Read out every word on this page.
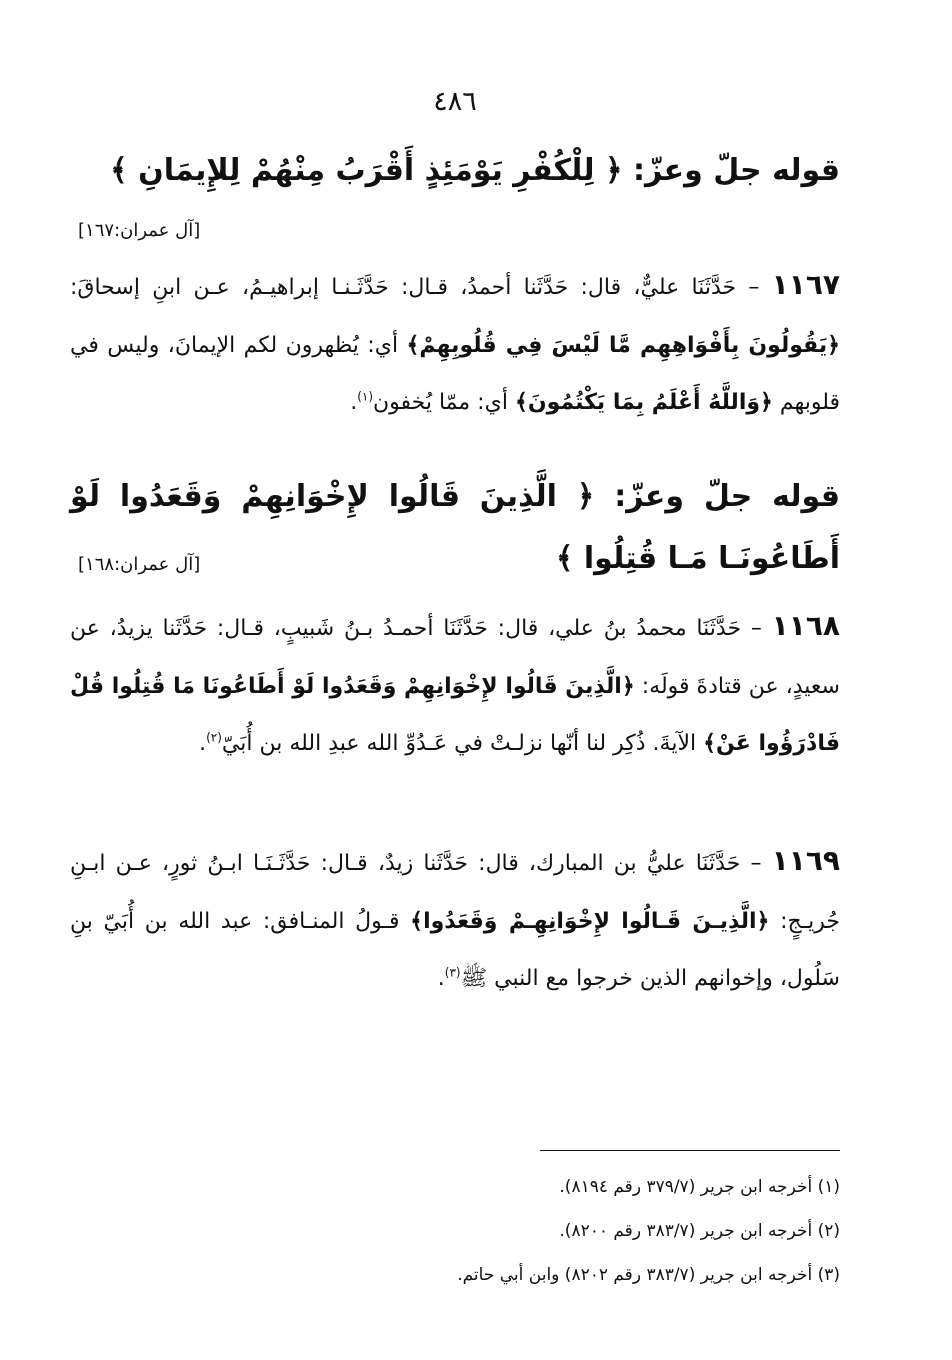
٤٨٦
قوله جلّ وعزّ: ﴿ لِلْكُفْرِ يَوْمَئِذٍ أَقْرَبُ مِنْهُمْ لِلإِيمَانِ ﴾
[آل عمران:١٦٧]
١١٦٧ – حَدَّثَنَا عليٌّ، قال: حَدَّثَنا أحمدُ، قـال: حَدَّثَـنـا إبراهيـمُ، عـن ابنِ إسحاقَ: ﴿يَقُولُونَ بِأَفْوَاهِهِم مَّا لَيْسَ فِي قُلُوبِهِمْ﴾ أي: يُظهرون لكم الإيمانَ، وليس في قلوبهم ﴿وَاللَّهُ أَعْلَمُ بِمَا يَكْتُمُونَ﴾ أي: ممّا يُخفون$^{(١)}$.
قوله جلّ وعزّ: ﴿ الَّذِينَ قَالُوا لإِخْوَانِهِمْ وَقَعَدُوا لَوْ أَطَاعُونَـا مَـا قُتِلُوا ﴾
[آل عمران:١٦٨]
١١٦٨ – حَدَّثَنَا محمدُ بنُ علي، قال: حَدَّثَنَا أحمـدُ بـنُ شَبيبٍ، قـال: حَدَّثَنا يزيدُ، عن سعيدٍ، عن قتادةَ قولَه: ﴿الَّذِينَ قَالُوا لإِخْوَانِهِمْ وَقَعَدُوا لَوْ أَطَاعُونَا مَا قُتِلُوا قُلْ فَادْرَؤُوا عَنْ﴾ الآيةَ. ذُكِر لنا أنّها نزلـتْ في عَـدُوِّ الله عبدِ الله بن أُبَيّ$^{(٢)}$.
١١٦٩ – حَدَّثَنَا عليُّ بن المبارك، قال: حَدَّثَنا زيدٌ، قـال: حَدَّثَـنَـا ابـنُ ثورٍ، عـن ابـنِ جُريـجٍ: ﴿الَّذِيـنَ قَـالُوا لإِخْوَانِهِـمْ وَقَعَدُوا﴾ قـولُ المنـافق: عبد الله بن أُبَيّ بنِ سَلُول، وإخوانهم الذين خرجوا مع النبي ﷺ$^{(٣)}$.
(١) أخرجه ابن جرير (٣٧٩/٧ رقم ٨١٩٤).
(٢) أخرجه ابن جرير (٣٨٣/٧ رقم ٨٢٠٠).
(٣) أخرجه ابن جرير (٣٨٣/٧ رقم ٨٢٠٢) وابن أبي حاتم.
